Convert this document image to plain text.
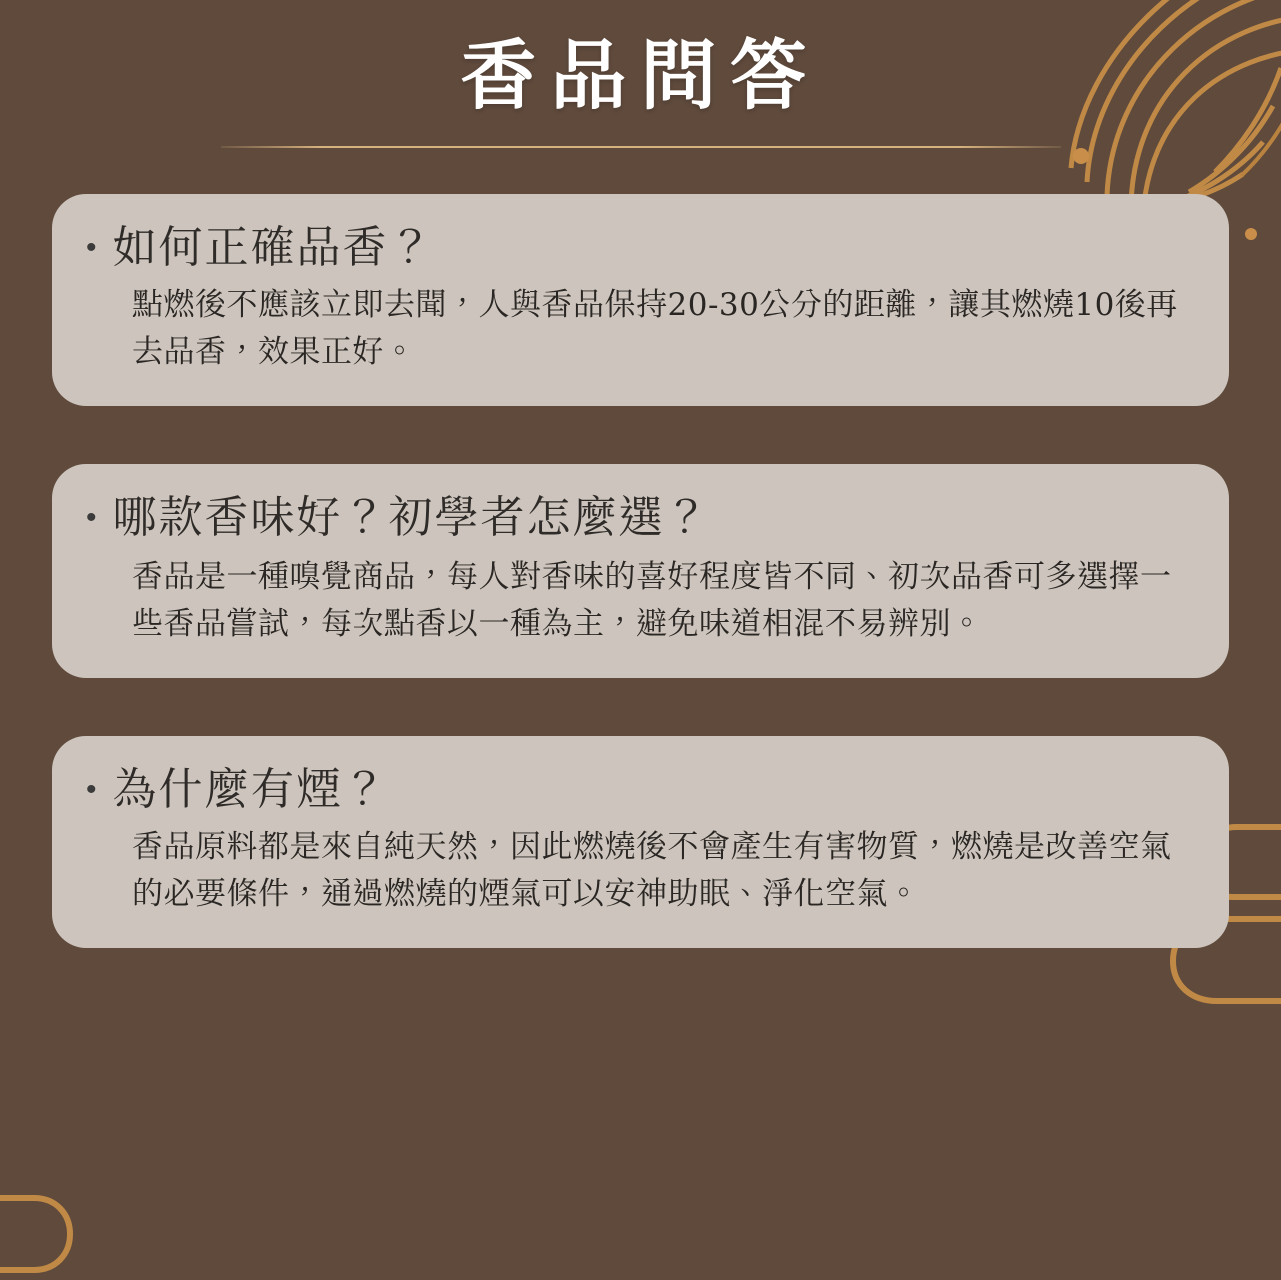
香品問答
• 如何正確品香？
點燃後不應該立即去聞，人與香品保持20-30公分的距離，讓其燃燒10後再去品香，效果正好。
• 哪款香味好？初學者怎麼選？
香品是一種嗅覺商品，每人對香味的喜好程度皆不同、初次品香可多選擇一些香品嘗試，每次點香以一種為主，避免味道相混不易辨別。
• 為什麼有煙？
香品原料都是來自純天然，因此燃燒後不會產生有害物質，燃燒是改善空氣的必要條件，通過燃燒的煙氣可以安神助眠、淨化空氣。
